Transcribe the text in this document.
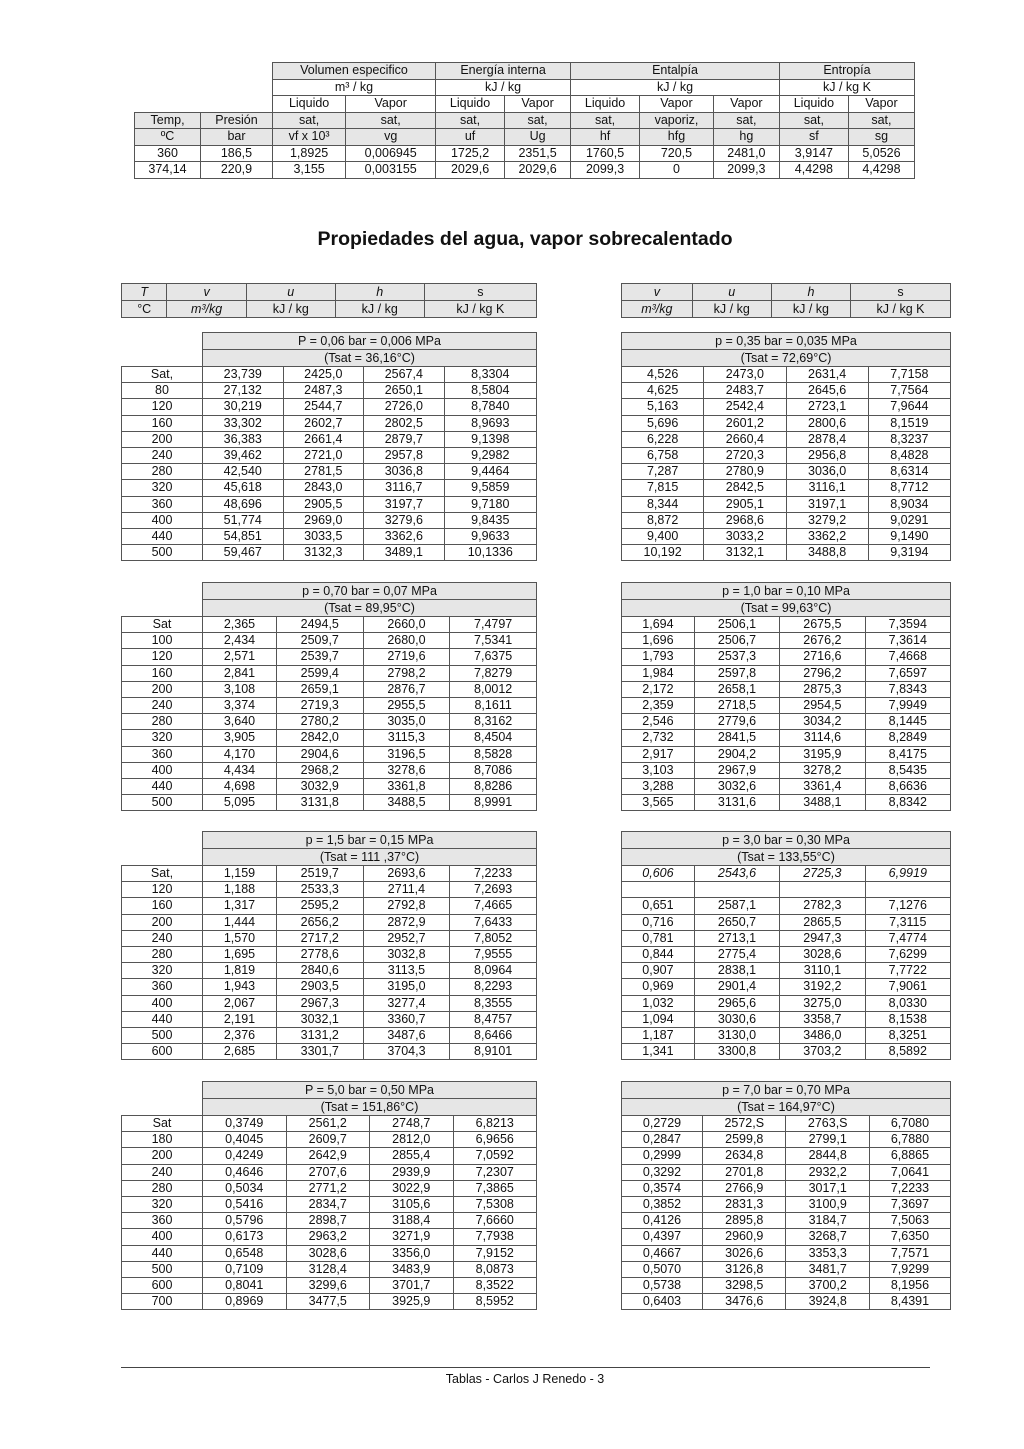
		Volumen especifico		Energía interna		Entalpía			Entropía	
		m³ / kg		kJ / kg		kJ / kg			kJ / kg K	
		Liquido	Vapor	Liquido	Vapor	Liquido	Vapor	Vapor	Liquido	Vapor
Temp,	Presión	sat,	sat,	sat,	sat,	sat,	vaporiz,	sat,	sat,	sat,
ºC	bar	vf x 10³	vg	uf	Ug	hf	hfg	hg	sf	sg
360	186,5	1,8925	0,006945	1725,2	2351,5	1760,5	720,5	2481,0	3,9147	5,0526
374,14	220,9	3,155	0,003155	2029,6	2029,6	2099,3	0	2099,3	4,4298	4,4298
Propiedades del agua, vapor sobrecalentado
T	v	u	h	s
°C	m³/kg	kJ / kg	kJ / kg	kJ / kg K
v	u	h	s
m³/kg	kJ / kg	kJ / kg	kJ / kg K
	P = 0,06 bar = 0,006 MPa			
	(Tsat = 36,16°C)			
Sat,	23,739	2425,0	2567,4	8,3304
80	27,132	2487,3	2650,1	8,5804
120	30,219	2544,7	2726,0	8,7840
160	33,302	2602,7	2802,5	8,9693
200	36,383	2661,4	2879,7	9,1398
240	39,462	2721,0	2957,8	9,2982
280	42,540	2781,5	3036,8	9,4464
320	45,618	2843,0	3116,7	9,5859
360	48,696	2905,5	3197,7	9,7180
400	51,774	2969,0	3279,6	9,8435
440	54,851	3033,5	3362,6	9,9633
500	59,467	3132,3	3489,1	10,1336
p = 0,35 bar = 0,035 MPa			
(Tsat = 72,69°C)			
4,526	2473,0	2631,4	7,7158
4,625	2483,7	2645,6	7,7564
5,163	2542,4	2723,1	7,9644
5,696	2601,2	2800,6	8,1519
6,228	2660,4	2878,4	8,3237
6,758	2720,3	2956,8	8,4828
7,287	2780,9	3036,0	8,6314
7,815	2842,5	3116,1	8,7712
8,344	2905,1	3197,1	8,9034
8,872	2968,6	3279,2	9,0291
9,400	3033,2	3362,2	9,1490
10,192	3132,1	3488,8	9,3194
	p = 0,70 bar = 0,07 MPa			
	(Tsat = 89,95°C)			
Sat	2,365	2494,5	2660,0	7,4797
100	2,434	2509,7	2680,0	7,5341
120	2,571	2539,7	2719,6	7,6375
160	2,841	2599,4	2798,2	7,8279
200	3,108	2659,1	2876,7	8,0012
240	3,374	2719,3	2955,5	8,1611
280	3,640	2780,2	3035,0	8,3162
320	3,905	2842,0	3115,3	8,4504
360	4,170	2904,6	3196,5	8,5828
400	4,434	2968,2	3278,6	8,7086
440	4,698	3032,9	3361,8	8,8286
500	5,095	3131,8	3488,5	8,9991
p = 1,0 bar = 0,10 MPa			
(Tsat = 99,63°C)			
1,694	2506,1	2675,5	7,3594
1,696	2506,7	2676,2	7,3614
1,793	2537,3	2716,6	7,4668
1,984	2597,8	2796,2	7,6597
2,172	2658,1	2875,3	7,8343
2,359	2718,5	2954,5	7,9949
2,546	2779,6	3034,2	8,1445
2,732	2841,5	3114,6	8,2849
2,917	2904,2	3195,9	8,4175
3,103	2967,9	3278,2	8,5435
3,288	3032,6	3361,4	8,6636
3,565	3131,6	3488,1	8,8342
	p = 1,5 bar = 0,15 MPa			
	(Tsat = 111 ,37°C)			
Sat,	1,159	2519,7	2693,6	7,2233
120	1,188	2533,3	2711,4	7,2693
160	1,317	2595,2	2792,8	7,4665
200	1,444	2656,2	2872,9	7,6433
240	1,570	2717,2	2952,7	7,8052
280	1,695	2778,6	3032,8	7,9555
320	1,819	2840,6	3113,5	8,0964
360	1,943	2903,5	3195,0	8,2293
400	2,067	2967,3	3277,4	8,3555
440	2,191	3032,1	3360,7	8,4757
500	2,376	3131,2	3487,6	8,6466
600	2,685	3301,7	3704,3	8,9101
p = 3,0 bar = 0,30 MPa			
(Tsat = 133,55°C)			
0,606	2543,6	2725,3	6,9919

0,651	2587,1	2782,3	7,1276
0,716	2650,7	2865,5	7,3115
0,781	2713,1	2947,3	7,4774
0,844	2775,4	3028,6	7,6299
0,907	2838,1	3110,1	7,7722
0,969	2901,4	3192,2	7,9061
1,032	2965,6	3275,0	8,0330
1,094	3030,6	3358,7	8,1538
1,187	3130,0	3486,0	8,3251
1,341	3300,8	3703,2	8,5892
	P = 5,0 bar = 0,50 MPa			
	(Tsat = 151,86°C)			
Sat	0,3749	2561,2	2748,7	6,8213
180	0,4045	2609,7	2812,0	6,9656
200	0,4249	2642,9	2855,4	7,0592
240	0,4646	2707,6	2939,9	7,2307
280	0,5034	2771,2	3022,9	7,3865
320	0,5416	2834,7	3105,6	7,5308
360	0,5796	2898,7	3188,4	7,6660
400	0,6173	2963,2	3271,9	7,7938
440	0,6548	3028,6	3356,0	7,9152
500	0,7109	3128,4	3483,9	8,0873
600	0,8041	3299,6	3701,7	8,3522
700	0,8969	3477,5	3925,9	8,5952
p = 7,0 bar = 0,70 MPa			
(Tsat = 164,97°C)			
0,2729	2572,S	2763,S	6,7080
0,2847	2599,8	2799,1	6,7880
0,2999	2634,8	2844,8	6,8865
0,3292	2701,8	2932,2	7,0641
0,3574	2766,9	3017,1	7,2233
0,3852	2831,3	3100,9	7,3697
0,4126	2895,8	3184,7	7,5063
0,4397	2960,9	3268,7	7,6350
0,4667	3026,6	3353,3	7,7571
0,5070	3126,8	3481,7	7,9299
0,5738	3298,5	3700,2	8,1956
0,6403	3476,6	3924,8	8,4391
Tablas - Carlos J Renedo - 3
